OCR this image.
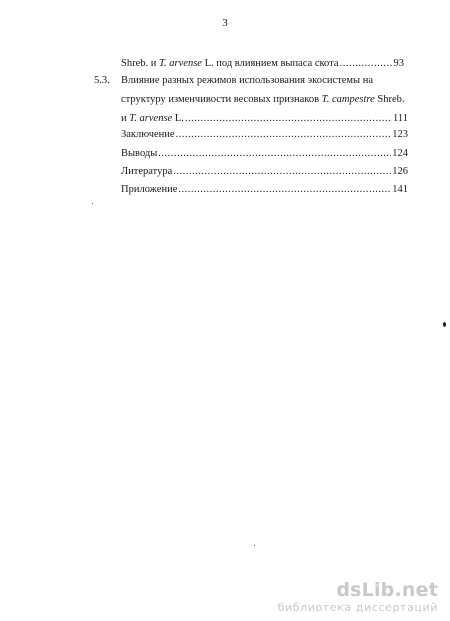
3
Shreb. и T. arvense L. под влиянием выпаса скота .....	93
5.3. Влияние разных режимов использования экосистемы на
структуру изменчивости весовых признаков T. campestre Shreb.
и T. arvense L. .....	111
Заключение .....	123
Выводы .....	124
Литература .....	126
Приложение .....	141
dsLib.net
библиотека диссертаций
